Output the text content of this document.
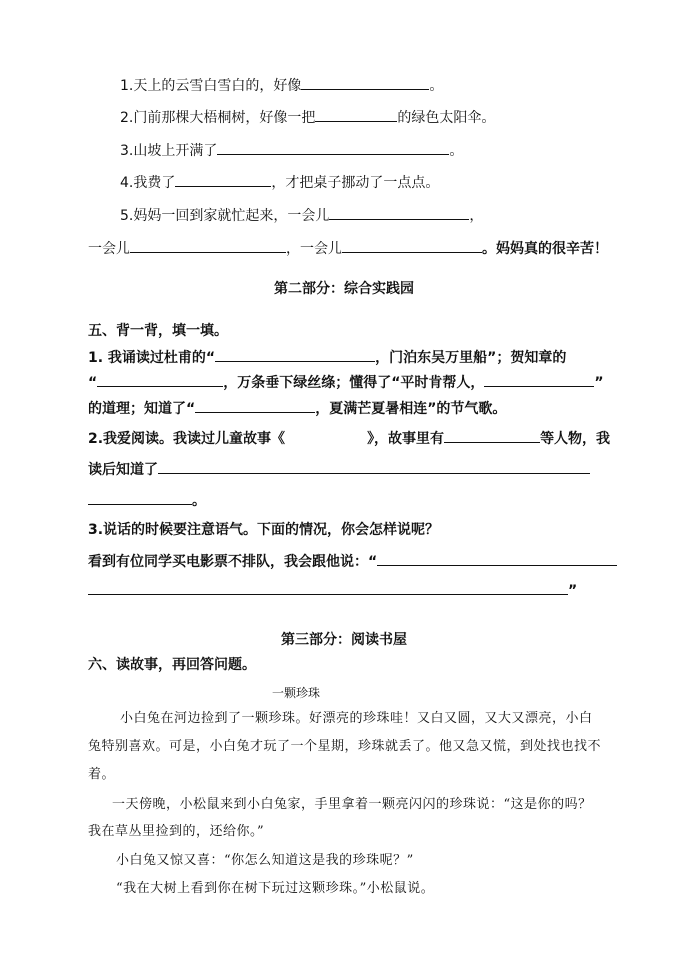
1.天上的云雪白雪白的，好像	。
2.门前那棵大梧桐树，好像一把	的绿色太阳伞。
3.山坡上开满了	。
4.我费了	，才把桌子挪动了一点点。
5.妈妈一回到家就忙起来，一会儿	，
一会儿	，一会儿	。妈妈真的很辛苦！
第二部分：综合实践园
五、背一背，填一填。
1. 我诵读过杜甫的“	，门泊东吴万里船”；贺知章的
“	，万条垂下绿丝绦；懂得了“平时肯帮人，	”
的道理；知道了“	，夏满芒夏暑相连”的节气歌。
2.我爱阅读。我读过儿童故事《	》，故事里有	等人物，我
读后知道了
。
3.说话的时候要注意语气。下面的情况，你会怎样说呢？
看到有位同学买电影票不排队，我会跟他说：“
”
第三部分：阅读书屋
六、读故事，再回答问题。
一颗珍珠
小白兔在河边捡到了一颗珍珠。好漂亮的珍珠哇！又白又圆，又大又漂亮，小白
兔特别喜欢。可是，小白兔才玩了一个星期，珍珠就丢了。他又急又慌，到处找也找不
着。
一天傍晚，小松鼠来到小白兔家，手里拿着一颗亮闪闪的珍珠说：“这是你的吗？
我在草丛里捡到的，还给你。”
小白兔又惊又喜：“你怎么知道这是我的珍珠呢？”
“我在大树上看到你在树下玩过这颗珍珠。”小松鼠说。
